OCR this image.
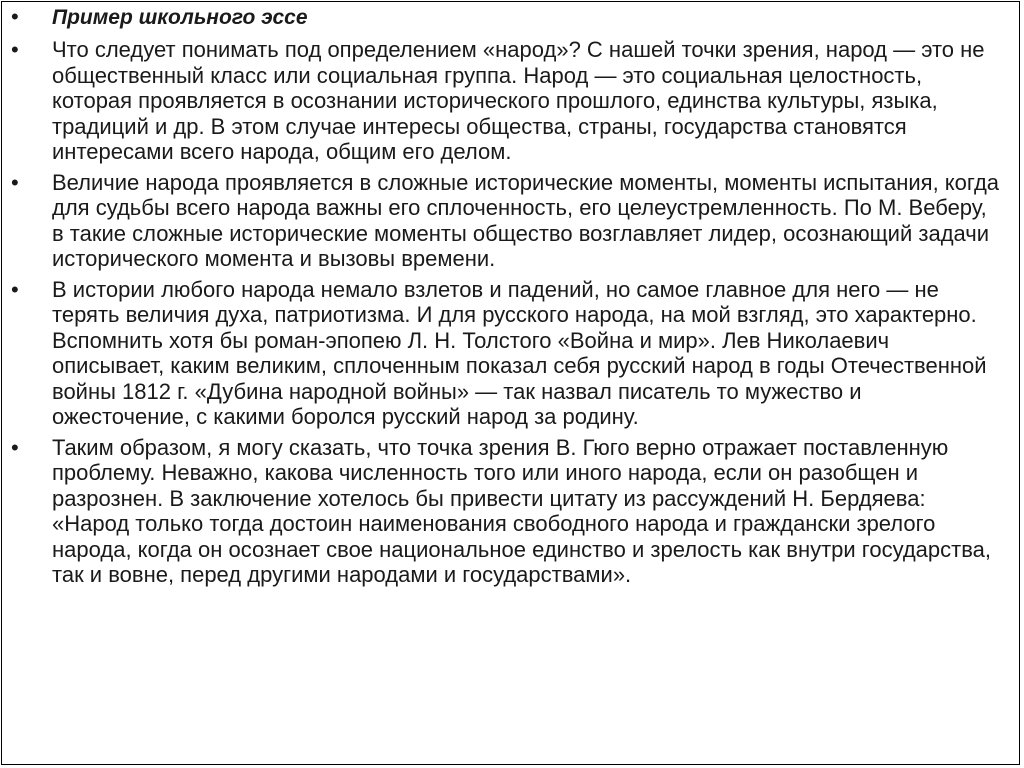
• Пример школьного эссе
• Что следует понимать под определением «народ»? С нашей точки зрения, народ — это не общественный класс или социальная группа. Народ — это социальная целостность, которая проявляется в осознании исторического прошлого, единства культуры, языка, традиций и др. В этом случае интересы общества, страны, государства становятся интересами всего народа, общим его делом.
• Величие народа проявляется в сложные исторические моменты, моменты испытания, когда для судьбы всего народа важны его сплоченность, его целеустремленность. По М. Веберу, в такие сложные исторические моменты общество возглавляет лидер, осознающий задачи исторического момента и вызовы времени.
• В истории любого народа немало взлетов и падений, но самое главное для него — не терять величия духа, патриотизма. И для русского народа, на мой взгляд, это характерно. Вспомнить хотя бы роман-эпопею Л. Н. Толстого «Война и мир». Лев Николаевич описывает, каким великим, сплоченным показал себя русский народ в годы Отечественной войны 1812 г. «Дубина народной войны» — так назвал писатель то мужество и ожесточение, с какими боролся русский народ за родину.
• Таким образом, я могу сказать, что точка зрения В. Гюго верно отражает поставленную проблему. Неважно, какова численность того или иного народа, если он разобщен и разрознен. В заключение хотелось бы привести цитату из рассуждений Н. Бердяева: «Народ только тогда достоин наименования свободного народа и граждански зрелого народа, когда он осознает свое национальное единство и зрелость как внутри государства, так и вовне, перед другими народами и государствами».
